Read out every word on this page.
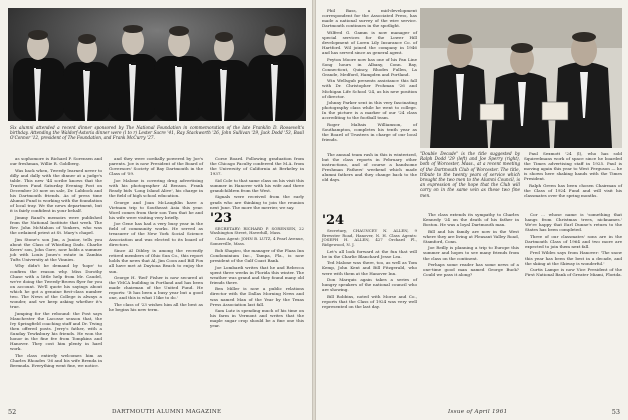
Six alumni attended a recent dinner sponsored by The National Foundation in commemoration of the late Franklin D. Roosevelt's birthday. Attending the Waldorf-Astoria dinner were (l to r) Lester Sacre '41, Ray Stackworth '26, John Sullivan '29, Jack Dodd '53, Basil O'Connor '12, president of The Foundation, and Frank McCurry '27.

as sophomore is Richard P. Sorensen and our freshman, Willie R. Goldberg.

Was back when, Tweedy learned never to dilly and dally with the dinner at a judge's table. This new '44 scribe knows that the Trustees Fund Saturday Evening Post on December 20 now on sale, Dr. Lubbock and his Dartmouth friends. As of press time Alumni Fund is working with the foundation of local tray. We the news department, but it is fairly confident in your behalf.

Jimmy Rand's memoirs were published from the National Institute that week. The Rev. John McMahon of Yonkers, who was the ordained priest at St. Mary's chapel.

Jim Stone's son Jim, a Junior, tells you about the Class of Whistling Dads. Charlie Keers' son, John Gore, now holds a summer job with Louis Jones's estate in Zambia Tufts University at the Vinnies.

Why didn't he demand by 'hope' to confirm the reason why. Miss Dorothy Chase with a little help from Mr. Caudel, we're doing the Tweedy-Brown flyer for you on account. We'll quote his sayings about which he got a genuine first-class number two. The News of the College is always a wonder, and we keep asking whether it's true.

Jumping for the rebound: the Post says Manchester the Lacosse season that, the Ivy Springfield coaching staff and Dr. Twing then offered posts. Jerry's father, with a Sunday Tewksbury his friends. He won the honor in the fine fee from Tompkins and Hanover. They cost him plenty in hard work.

The class entirely welcomes him as Charles Rhoades '36 and his wife Brenda in Bermuda. Everything went fine, we notice.

and they were cordially powered by Joe's parents. Joe is now President of the Board of Governors' Society of Bay Dartmouth in the Class of '59.

Joe Malone is covering drug advertising with his photographer Al Benson. Frank Ready bids 'Long Island Alive', his charge in the field of high school education.

George and Joan McLaughlin have a Vietnam trip to Southeast Asia this year. Word comes from their son Tom that he and his wife were visiting very briefly.

Joe Gene has had a very busy year in the field of community works. He served as treasurer of the New York Social Science Association and was elected to its board of directors.

Since Al Dibley is among the recently retired members of Ohio Sun Co., this report holds the news that Al, Jim Coon and Bill Fox all have met at Daytona Beach to enjoy the sun.

George H. 'Red' Fisher is now secured at the YMCA building in Portland and has been made chairman of the United Fund. He reports: 'It has been a busy year but a good one, and this is what I like to do.'

The class of '23 wishes him all the best as he begins his new term.

Corse Board. Following graduation from the Chicago Faculty conferred the M.A. from the University of California at Berkeley in 1937.

Sid Cole to that same class on his visit this summer in Hanover with his wife and three grandchildren from the West.

Signals were received from the early grads who are thinking to join the reunion next June. The more the merrier, we say.

'23

SECRETARY: RICHARD P. SORENSEN, 22 Washington Street, Haverhill, Mass.

Class Agent: JOHN B. LUTZ, 4 Pearl Avenue, Somerville, Mass.

Bob Shapiro, the manager of the Plaza Inn Condominium Inc., Tampa, Fla., is now president of the Gulf Coast Bank.

Joe Lombardi writes that he and Rebecca spent three weeks in Florida this winter. The weather was grand and they found many old friends there.

Ben Miller is now a public relations director with the Dallas Morning News and was named Man of the Year by the Texas Press Association last fall.

Sam Lutz is spending much of his time on his farm in Vermont and writes that the maple sugar crop should be a fine one this year.

52	DARTMOUTH ALUMNI MAGAZINE

Phil Bass, a mid-development correspondent for the Associated Press, has made a national survey of the wire service. Dartmouth continues in the spotlight.

Wilfred G. Gamm is now manager of special services for the Lower Hill development of Loren Lily Insurance Co. of Hartford. Wil joined the company in 1946 and has served since as general agent.

Peyton Moore now has one of his Pan Line Song hours in Albany, Conn. Bay, Connecticut, Quincy, Rhodes Fullen, La Grande, Medford, Hampden and Portland.

Win Wellsgub presents assistance this fall with Dr. Christopher Frohman '26 and Michigan Life School '24, as his new position of director.

Johnny Parker sent in this very fascinating photography class while he went to college. In the picture is a marker of our '24 class accrediting to the football team.

Roger Maltais Williamson, of Southampton, completes his tenth year as the Board of Trustees in charge of our local friends.

The annual team rush in this is winterized, but the class reports in February other instructions, and of course a handsome Freshman Fathers' weekend which made alumni fathers and they change back to the old days.

"Double Decade" is the title suggested by Ralph Dodd '29 (left) and Joe Sperry (right), both of Worcester, Mass., at a recent meeting of the Dartmouth Club of Worcester. The title, tribute to the twenty years of service which brought the two men to the Alumni Council, is an expression of the hope that the Club will carry on in the same vein as these two fine men.

Paul Sexmott '24 (l), who has sold Squirrelmans work of space since he boarded the Times advertising staff in 1925. Paul is moving again this year to West Ferguson — he is shown here shaking hands with the Times President.

Ralph Green has been chosen Chairman of the Class of 1924 Fund and will visit his classmates over the spring months.

'24

Secretary, CHAUNCEY N. ALLEN, 9 Brewster Road, Hanover, N. H. Class Agents: JOSEPH H. ALLEN, 427 Orchard Pl., Ridgewood, N. J.

Let's all look forward at the fun that will be in the Charlie Blanchard Jesse Lea.

Ted Malone was there, too, as well as Tom Kemp, John Kent and Bill Fitzgerald, who were with them at the Hanover Inn.

Don Marquis again takes a series of hungry speakers of the national council who are showing.

Bill Robbins, noted with Morse and Co., reports that the Class of 1924 was very well represented on the last day.

The class extends its sympathy to Charles Kennedy '24 on the death of his father in Boston. He was a loyal Dartmouth man.

Bill and his family are now in the West where they are living at Pleasant Valley Road, Stamford, Conn.

Joe Reilly is planning a trip to Europe this summer and hopes to see many friends from the class on the continent.

Perhaps some reader has some news of a one-time good man named George Buck? Could we pass it along?

Cor ... whose name is 'something that hangs from Christmas trees, nicknames.' We're happy that Earl Dunne's return to the States has been completed.

Three of our classmates' sons are in the Dartmouth Class of 1964 and two more are expected to join them next fall.

Fred Wildes says from Hanover: 'The snow this year has been the best in a decade, and the skiing at the Skiway is wonderful.'

Curtis Lampe is now Vice President of the First National Bank of Greater Miami, Florida.

Issue of April 1961	53
